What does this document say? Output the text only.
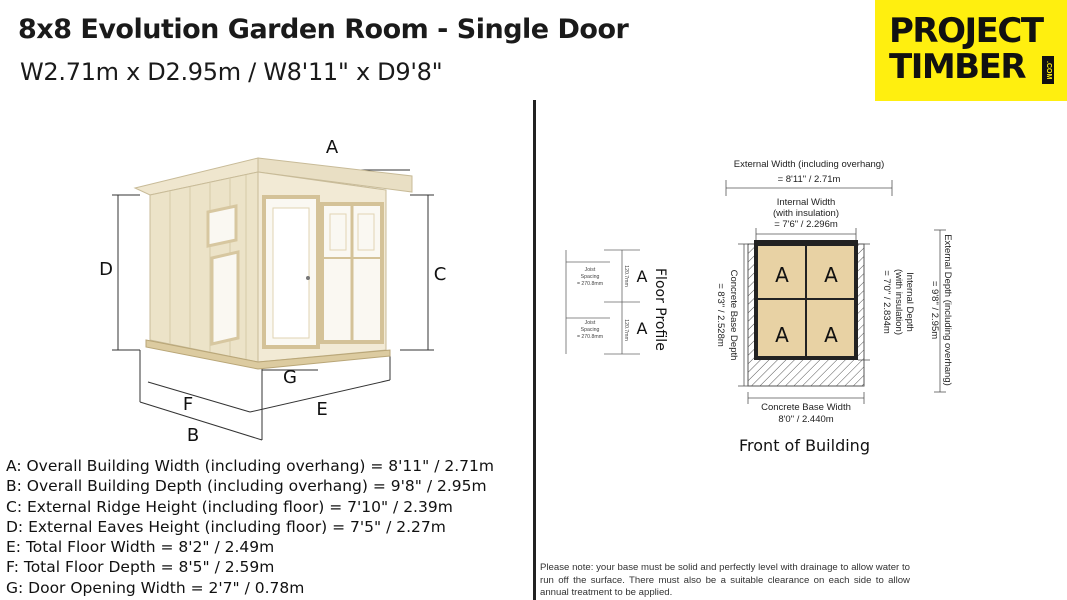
8x8 Evolution Garden Room - Single Door
W2.71m x D2.95m / W8'11" x D9'8"
PROJECT
TIMBER	.COM
A
D	C
G
F	E
B
A
A
Joist
Spacing
= 270.8mm
Joist
Spacing
= 270.8mm
120.7mm
120.7mm Floor Profile	A A
A A
External Width (including overhang)
= 8'11" / 2.71m
Internal Width
(with insulation)
= 7'6" / 2.296m
Concrete Base Width
8'0" / 2.440m
Concrete Base Depth
= 8'3" / 2.528m	Internal Depth
(with insulation)
= 7'0" / 2.834m	External Depth (including overhang)
= 9'8" / 2.95m
Front of Building
A: Overall Building Width (including overhang) = 8'11" / 2.71m
B: Overall Building Depth (including overhang) = 9'8" / 2.95m
C: External Ridge Height (including floor) = 7'10" / 2.39m
D: External Eaves Height (including floor) = 7'5" / 2.27m
E: Total Floor Width = 8'2" / 2.49m
F: Total Floor Depth = 8'5" / 2.59m
G: Door Opening Width = 2'7" / 0.78m
Please note: your base must be solid and perfectly level with drainage to allow water to run off the surface. There must also be a suitable clearance on each side to allow annual treatment to be applied.
